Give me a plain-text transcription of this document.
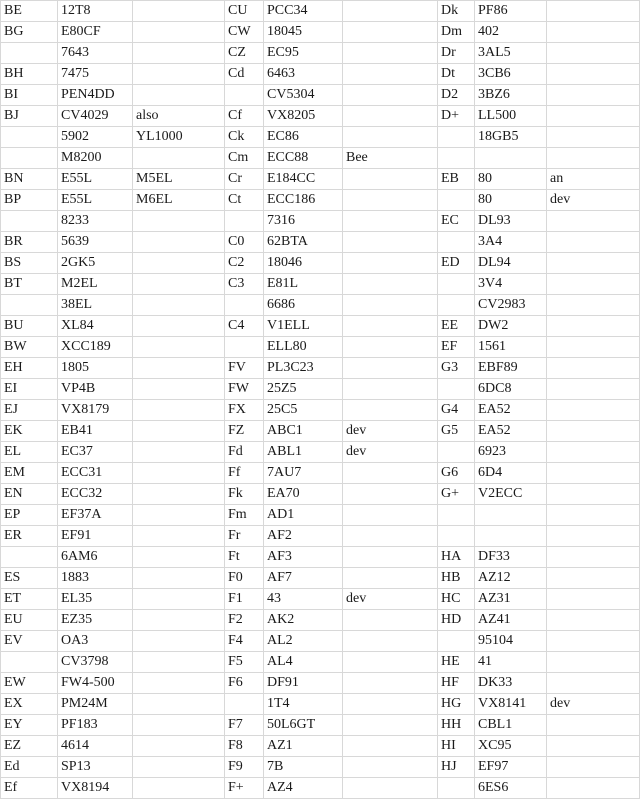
BE	12T8		CU	PCC34		Dk	PF86	
BG	E80CF		CW	18045		Dm	402	
	7643		CZ	EC95		Dr	3AL5	
BH	7475		Cd	6463		Dt	3CB6	
BI	PEN4DD			CV5304		D2	3BZ6	
BJ	CV4029	also	Cf	VX8205		D+	LL500	
	5902	YL1000	Ck	EC86			18GB5	
	M8200		Cm	ECC88	Bee			
BN	E55L	M5EL	Cr	E184CC		EB	80	an
BP	E55L	M6EL	Ct	ECC186			80	dev
	8233			7316		EC	DL93	
BR	5639		C0	62BTA			3A4	
BS	2GK5		C2	18046		ED	DL94	
BT	M2EL		C3	E81L			3V4	
	38EL			6686			CV2983	
BU	XL84		C4	V1ELL		EE	DW2	
BW	XCC189			ELL80		EF	1561	
EH	1805		FV	PL3C23		G3	EBF89	
EI	VP4B		FW	25Z5			6DC8	
EJ	VX8179		FX	25C5		G4	EA52	
EK	EB41		FZ	ABC1	dev	G5	EA52	
EL	EC37		Fd	ABL1	dev		6923	
EM	ECC31		Ff	7AU7		G6	6D4	
EN	ECC32		Fk	EA70		G+	V2ECC	
EP	EF37A		Fm	AD1				
ER	EF91		Fr	AF2				
	6AM6		Ft	AF3		HA	DF33	
ES	1883		F0	AF7		HB	AZ12	
ET	EL35		F1	43	dev	HC	AZ31	
EU	EZ35		F2	AK2		HD	AZ41	
EV	OA3		F4	AL2			95104	
	CV3798		F5	AL4		HE	41	
EW	FW4-500		F6	DF91		HF	DK33	
EX	PM24M			1T4		HG	VX8141	dev
EY	PF183		F7	50L6GT		HH	CBL1	
EZ	4614		F8	AZ1		HI	XC95	
Ed	SP13		F9	7B		HJ	EF97	
Ef	VX8194		F+	AZ4			6ES6	
